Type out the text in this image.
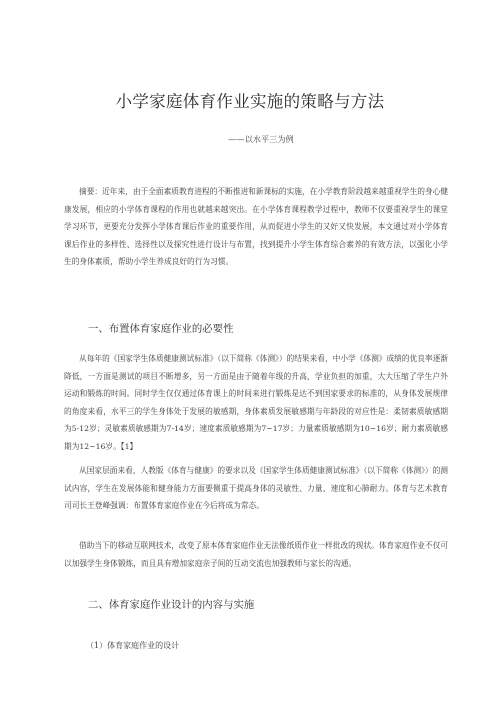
小学家庭体育作业实施的策略与方法
——以水平三为例

摘要：近年来，由于全面素质教育进程的不断推进和新课标的实施，在小学教育阶段越来越重视学生的身心健康发展，相应的小学体育课程的作用也就越来越突出。在小学体育课程教学过程中，教师不仅要重视学生的课堂学习环节，更要充分发挥小学体育课后作业的重要作用，从而促进小学生的又好又快发展，本文通过对小学体育课后作业的多样性、选择性以及探究性进行设计与布置，找到提升小学生体育综合素养的有效方法，以强化小学生的身体素质，帮助小学生养成良好的行为习惯。

一、布置体育家庭作业的必要性

从每年的《国家学生体质健康测试标准》（以下简称《体测》）的结果来看，中小学《体测》成绩的优良率逐渐降低，一方面是测试的项目不断增多，另一方面是由于随着年级的升高，学业负担的加重，大大压缩了学生户外运动和锻炼的时间。同时学生仅仅通过体育课上的时间来进行锻炼是达不到国家要求的标准的，从身体发展规律的角度来看，水平三的学生身体处于发展的敏感期，身体素质发展敏感期与年龄段的对应性是：柔韧素质敏感期为5-12岁；灵敏素质敏感期为7-14岁；速度素质敏感期为7~17岁；力量素质敏感期为10~16岁；耐力素质敏感期为12~16岁。【1】

从国家层面来看，人教版《体育与健康》的要求以及《国家学生体质健康测试标准》（以下简称《体测》）的测试内容，学生在发展体能和健身能力方面要侧重于提高身体的灵敏性、力量、速度和心肺耐力。体育与艺术教育司司长王登峰强调：布置体育家庭作业在今后将成为常态。

借助当下的移动互联网技术，改变了原本体育家庭作业无法像纸质作业一样批改的现状。体育家庭作业不仅可以加强学生身体锻炼，而且具有增加家庭亲子间的互动交流也加强教师与家长的沟通。

二、体育家庭作业设计的内容与实施
（1）体育家庭作业的设计
